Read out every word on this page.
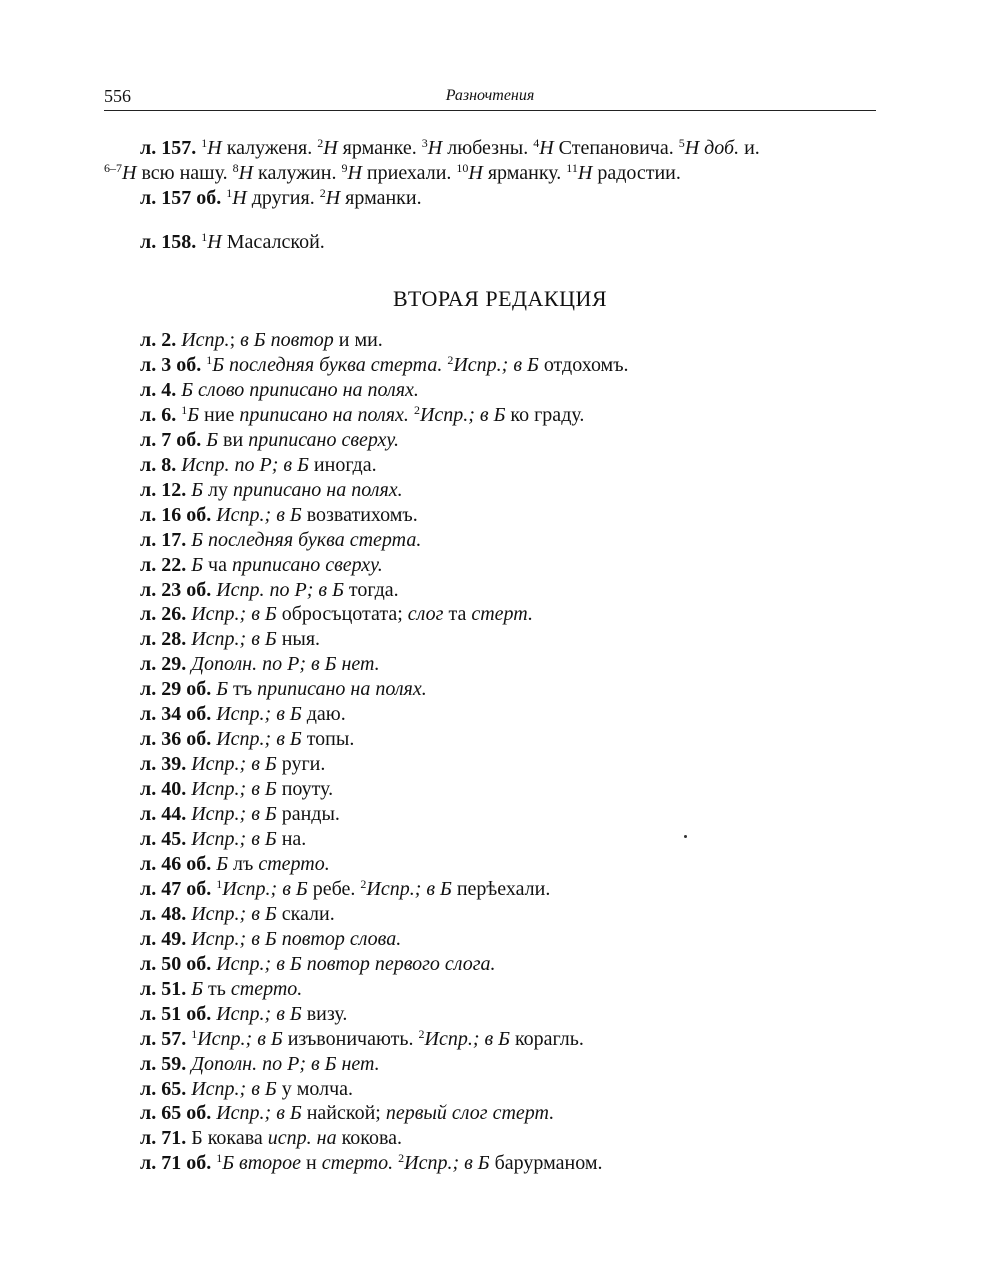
556	Разночтения
л. 157. $^1$Н калуженя. $^2$Н ярманке. $^3$Н любезны. $^4$Н Степановича. $^5$Н доб. и.
$^{6-7}$Н всю нашу. $^8$Н калужин. $^9$Н приехали. $^{10}$Н ярманку. $^{11}$Н радостии.
л. 157 об. $^1$Н другия. $^2$Н ярманки.
л. 158. $^1$Н Масалской.
ВТОРАЯ РЕДАКЦИЯ
л. 2. Испр.; в Б повтор и ми.
л. 3 об. $^1$Б последняя буква стерта. $^2$Испр.; в Б отдохомъ.
л. 4. Б слово приписано на полях.
л. 6. $^1$Б ние приписано на полях. $^2$Испр.; в Б ко граду.
л. 7 об. Б ви приписано сверху.
л. 8. Испр. по Р; в Б иногда.
л. 12. Б лу приписано на полях.
л. 16 об. Испр.; в Б возватихомъ.
л. 17. Б последняя буква стерта.
л. 22. Б ча приписано сверху.
л. 23 об. Испр. по Р; в Б тогда.
л. 26. Испр.; в Б обросъцотата; слог та стерт.
л. 28. Испр.; в Б ныя.
л. 29. Дополн. по Р; в Б нет.
л. 29 об. Б тъ приписано на полях.
л. 34 об. Испр.; в Б даю.
л. 36 об. Испр.; в Б топы.
л. 39. Испр.; в Б руги.
л. 40. Испр.; в Б поуту.
л. 44. Испр.; в Б ранды.
л. 45. Испр.; в Б на.
л. 46 об. Б лъ стерто.
л. 47 об. $^1$Испр.; в Б ребе. $^2$Испр.; в Б перѣехали.
л. 48. Испр.; в Б скали.
л. 49. Испр.; в Б повтор слова.
л. 50 об. Испр.; в Б повтор первого слога.
л. 51. Б ть стерто.
л. 51 об. Испр.; в Б визу.
л. 57. $^1$Испр.; в Б изъвоничають. $^2$Испр.; в Б корагль.
л. 59. Дополн. по Р; в Б нет.
л. 65. Испр.; в Б у молча.
л. 65 об. Испр.; в Б найской; первый слог стерт.
л. 71. Б кокава испр. на кокова.
л. 71 об. $^1$Б второе н стерто. $^2$Испр.; в Б барурманом.
